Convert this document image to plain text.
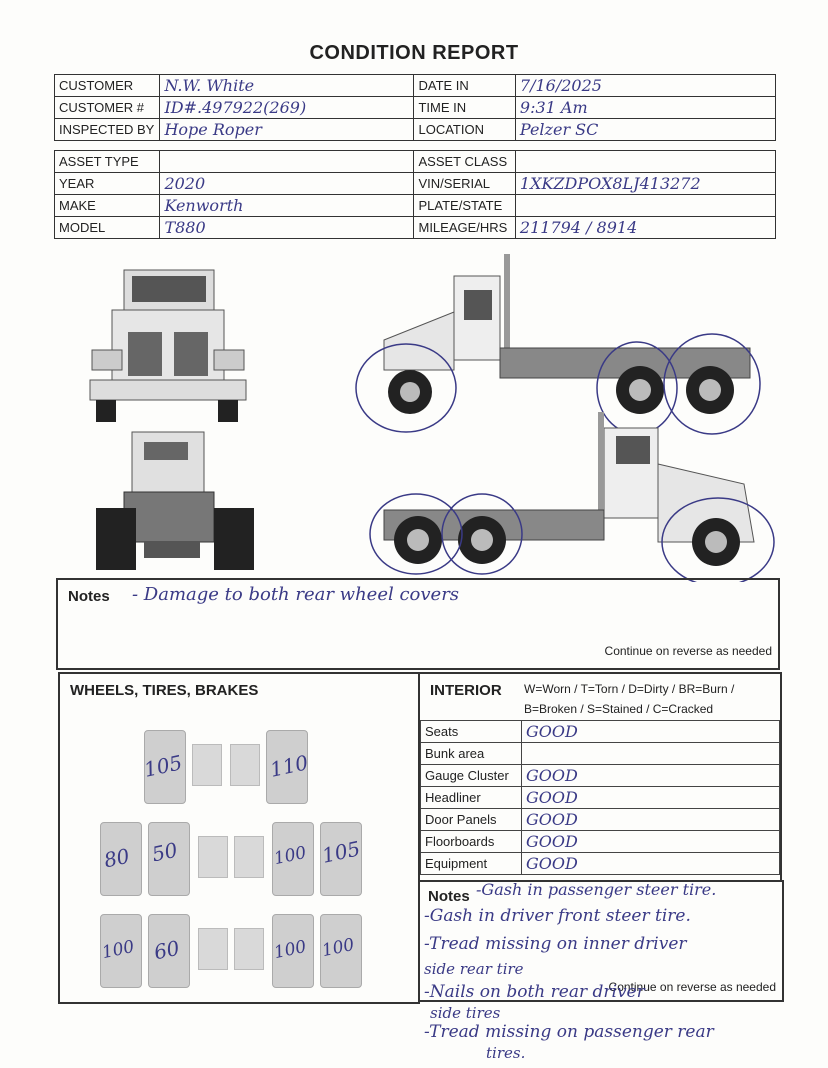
CONDITION REPORT
CUSTOMER	N.W. White	DATE IN	7/16/2025
CUSTOMER #	ID#.497922(269)	TIME IN	9:31 Am
INSPECTED BY	Hope Roper	LOCATION	Pelzer SC
ASSET TYPE		ASSET CLASS	
YEAR	2020	VIN/SERIAL	1XKZDPOX8LJ413272
MAKE	Kenworth	PLATE/STATE	
MODEL	T880	MILEAGE/HRS	211794 / 8914
Notes - Damage to both rear wheel covers
Continue on reverse as needed
WHEELS, TIRES, BRAKES
105	110
80 50	100 105
100 60	100 100
INTERIOR W=Worn / T=Torn / D=Dirty / BR=Burn /
B=Broken / S=Stained / C=Cracked
Seats	GOOD
Bunk area	
Gauge Cluster	GOOD
Headliner	GOOD
Door Panels	GOOD
Floorboards	GOOD
Equipment	GOOD
Notes
Continue on reverse as needed
-Gash in passenger steer tire.
-Gash in driver front steer tire.
-Tread missing on inner driver
side rear tire
-Nails on both rear driver
side tires
-Tread missing on passenger rear
tires.
